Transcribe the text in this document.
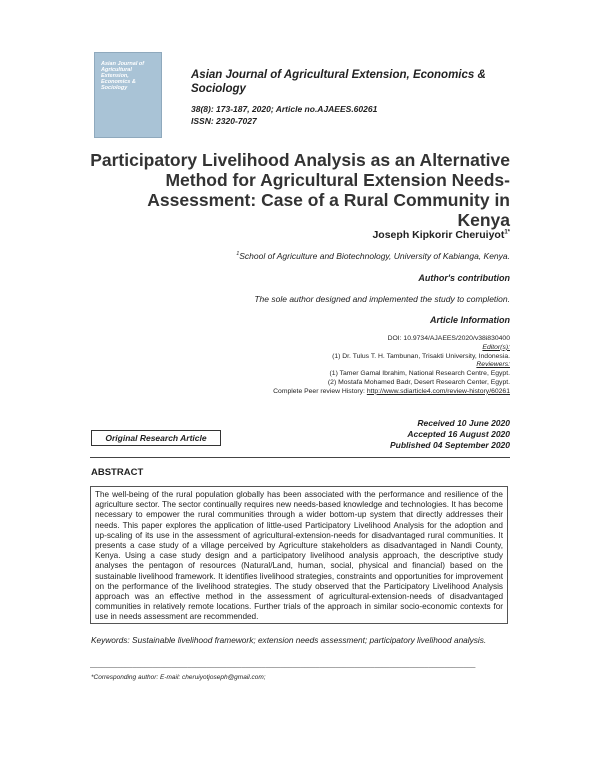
Asian Journal of Agricultural Extension, Economics & Sociology
Asian Journal of Agricultural Extension, Economics & Sociology
38(8): 173-187, 2020; Article no.AJAEES.60261
ISSN: 2320-7027
Participatory Livelihood Analysis as an Alternative Method for Agricultural Extension Needs-Assessment: Case of a Rural Community in Kenya
Joseph Kipkorir Cheruiyot$^{1*}$
$^1$School of Agriculture and Biotechnology, University of Kabianga, Kenya.
Author's contribution
The sole author designed and implemented the study to completion.
Article Information
DOI: 10.9734/AJAEES/2020/v38i830400
Editor(s):
(1) Dr. Tulus T. H. Tambunan, Trisakti University, Indonesia.
Reviewers:
(1) Tamer Gamal Ibrahim, National Research Centre, Egypt.
(2) Mostafa Mohamed Badr, Desert Research Center, Egypt.
Complete Peer review History: http://www.sdiarticle4.com/review-history/60261
Original Research Article
Received 10 June 2020
Accepted 16 August 2020
Published 04 September 2020
ABSTRACT
The well-being of the rural population globally has been associated with the performance and resilience of the agriculture sector. The sector continually requires new needs-based knowledge and technologies. It has become necessary to empower the rural communities through a wider bottom-up system that directly addresses their needs. This paper explores the application of little-used Participatory Livelihood Analysis for the adoption and up-scaling of its use in the assessment of agricultural-extension-needs for disadvantaged rural communities. It presents a case study of a village perceived by Agriculture stakeholders as disadvantaged in Nandi County, Kenya. Using a case study design and a participatory livelihood analysis approach, the descriptive study analyses the pentagon of resources (Natural/Land, human, social, physical and financial) based on the sustainable livelihood framework. It identifies livelihood strategies, constraints and opportunities for improvement on the performance of the livelihood strategies. The study observed that the Participatory Livelihood Analysis approach was an effective method in the assessment of agricultural-extension-needs of disadvantaged communities in relatively remote locations. Further trials of the approach in similar socio-economic contexts for use in needs assessment are recommended.
Keywords: Sustainable livelihood framework; extension needs assessment; participatory livelihood analysis.
___________________________________________________________________________________________________
*Corresponding author: E-mail: cheruiyotjoseph@gmail.com;
